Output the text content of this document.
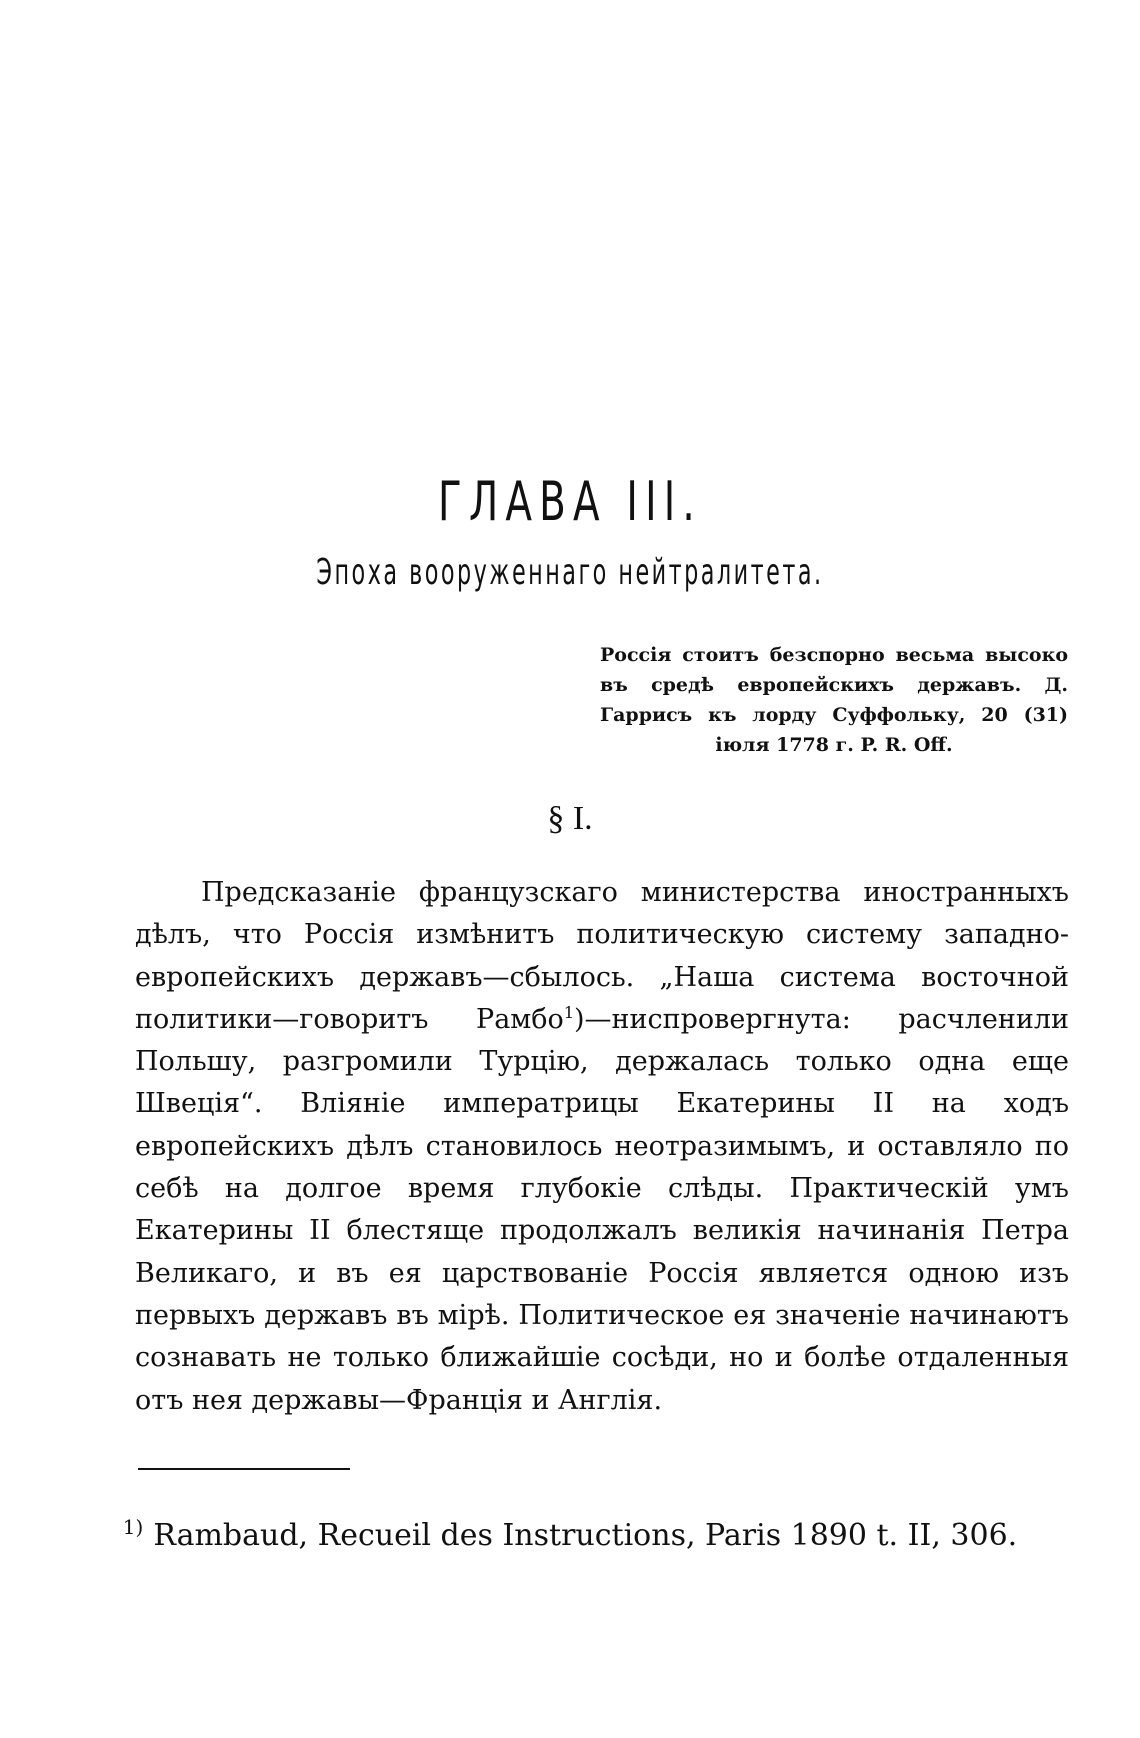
ГЛАВА III.
Эпоха вооруженнаго нейтралитета.
Россія стоитъ безспорно весьма высоко въ средѣ европейскихъ державъ. Д. Гаррисъ къ лорду Суффольку, 20 (31) іюля 1778 г. P. R. Off.
§ I.

Предсказаніе французскаго министерства иностранныхъ дѣлъ, что Россія измѣнитъ политическую систему западно-европейскихъ державъ—сбылось. „Наша система восточной политики—говоритъ Рамбо$^1$)—ниспровергнута: расчленили Польшу, разгромили Турцію, держалась только одна еще Швеція“. Вліяніе императрицы Екатерины II на ходъ европейскихъ дѣлъ становилось неотразимымъ, и оставляло по себѣ на долгое время глубокіе слѣды. Практическій умъ Екатерины II блестяще продолжалъ великія начинанія Петра Великаго, и въ ея царствованіе Россія является одною изъ первыхъ державъ въ мірѣ. Политическое ея значеніе начинаютъ сознавать не только ближайшіе сосѣди, но и болѣе отдаленныя отъ нея державы—Франція и Англія.

$^{1)}$ Rambaud, Recueil des Instructions, Paris 1890 t. II, 306.
